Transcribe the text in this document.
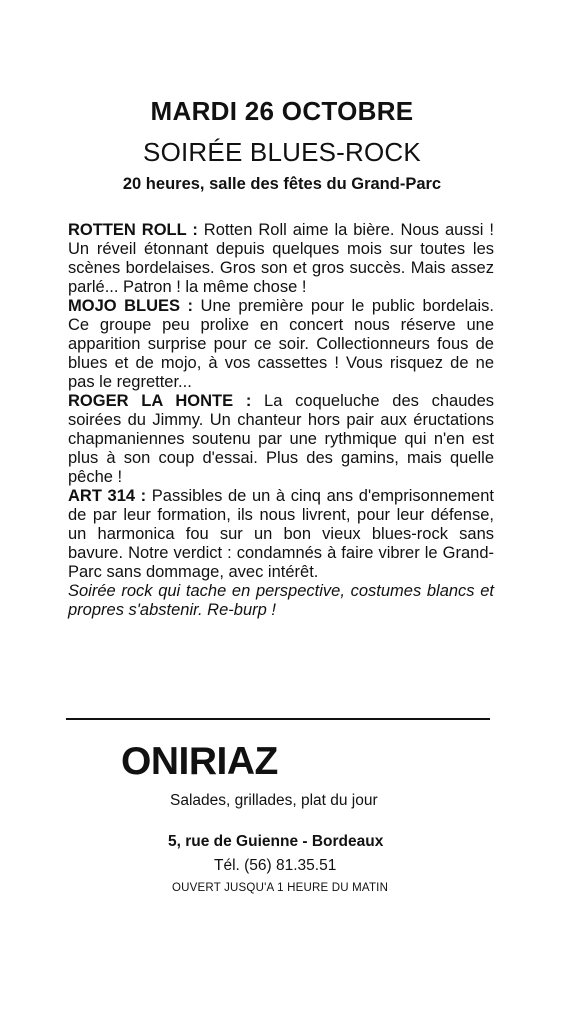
MARDI 26 OCTOBRE
SOIRÉE BLUES-ROCK
20 heures, salle des fêtes du Grand-Parc

ROTTEN ROLL : Rotten Roll aime la bière. Nous aussi ! Un réveil étonnant depuis quelques mois sur toutes les scènes bordelaises. Gros son et gros succès. Mais assez parlé... Patron ! la même chose !

MOJO BLUES : Une première pour le public bordelais. Ce groupe peu prolixe en concert nous réserve une apparition surprise pour ce soir. Collectionneurs fous de blues et de mojo, à vos cassettes ! Vous risquez de ne pas le regretter...

ROGER LA HONTE : La coqueluche des chaudes soirées du Jimmy. Un chanteur hors pair aux éructations chapmaniennes soutenu par une rythmique qui n'en est plus à son coup d'essai. Plus des gamins, mais quelle pêche !

ART 314 : Passibles de un à cinq ans d'emprisonnement de par leur formation, ils nous livrent, pour leur défense, un harmonica fou sur un bon vieux blues-rock sans bavure. Notre verdict : condamnés à faire vibrer le Grand-Parc sans dommage, avec intérêt.

Soirée rock qui tache en perspective, costumes blancs et propres s'abstenir. Re-burp !

ONIRIAZ
Salades, grillades, plat du jour
5, rue de Guienne - Bordeaux
Tél. (56) 81.35.51
OUVERT JUSQU'A 1 HEURE DU MATIN
